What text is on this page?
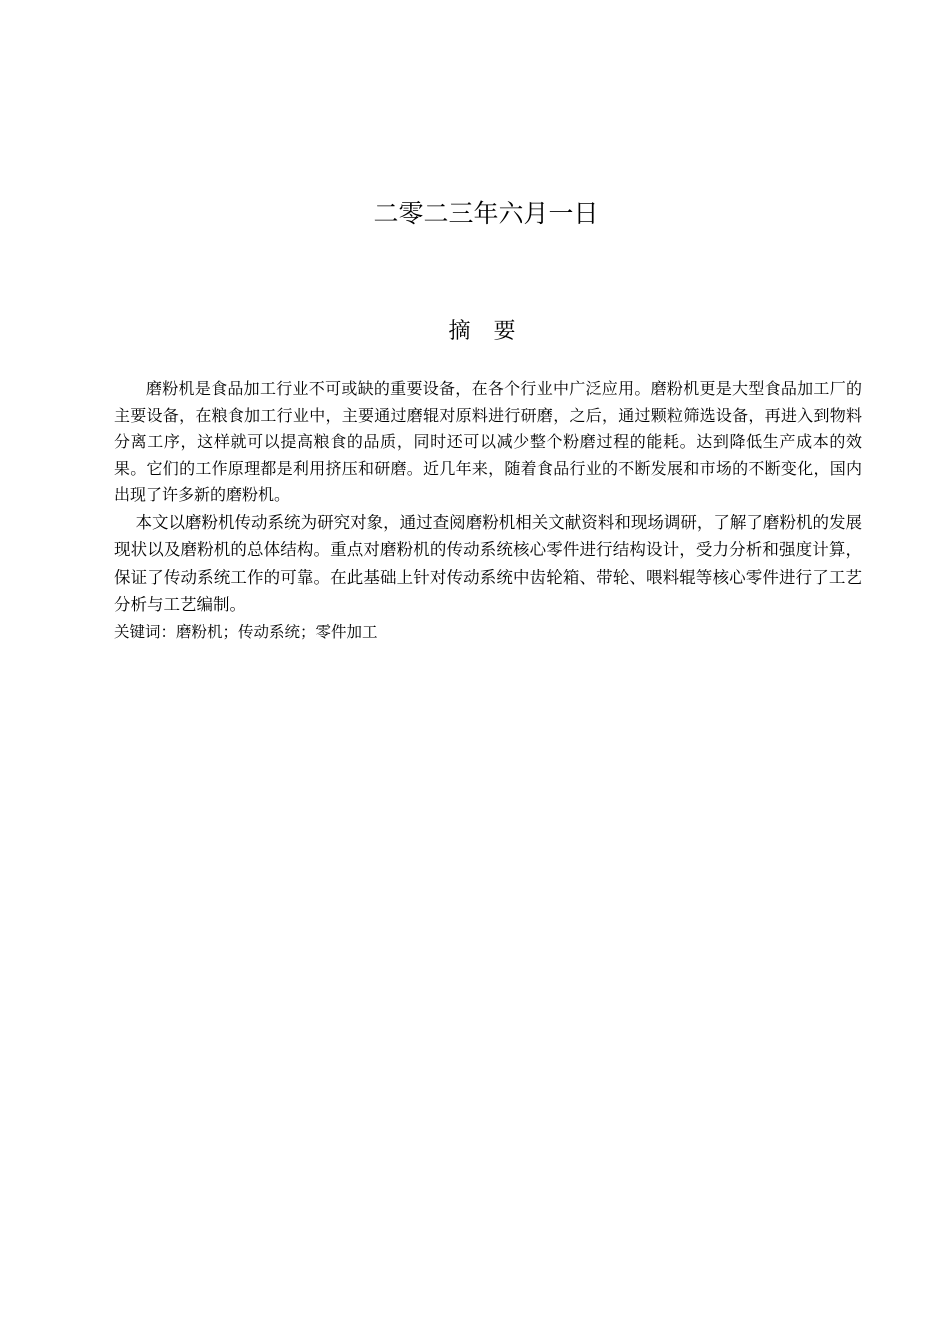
二零二三年六月一日
摘 要

磨粉机是食品加工行业不可或缺的重要设备，在各个行业中广泛应用。磨粉机更是大型食品加工厂的主要设备，在粮食加工行业中，主要通过磨辊对原料进行研磨，之后，通过颗粒筛选设备，再进入到物料分离工序，这样就可以提高粮食的品质，同时还可以减少整个粉磨过程的能耗。达到降低生产成本的效果。它们的工作原理都是利用挤压和研磨。近几年来，随着食品行业的不断发展和市场的不断变化，国内出现了许多新的磨粉机。

本文以磨粉机传动系统为研究对象，通过查阅磨粉机相关文献资料和现场调研，了解了磨粉机的发展现状以及磨粉机的总体结构。重点对磨粉机的传动系统核心零件进行结构设计，受力分析和强度计算，保证了传动系统工作的可靠。在此基础上针对传动系统中齿轮箱、带轮、喂料辊等核心零件进行了工艺分析与工艺编制。

关键词：磨粉机；传动系统；零件加工
